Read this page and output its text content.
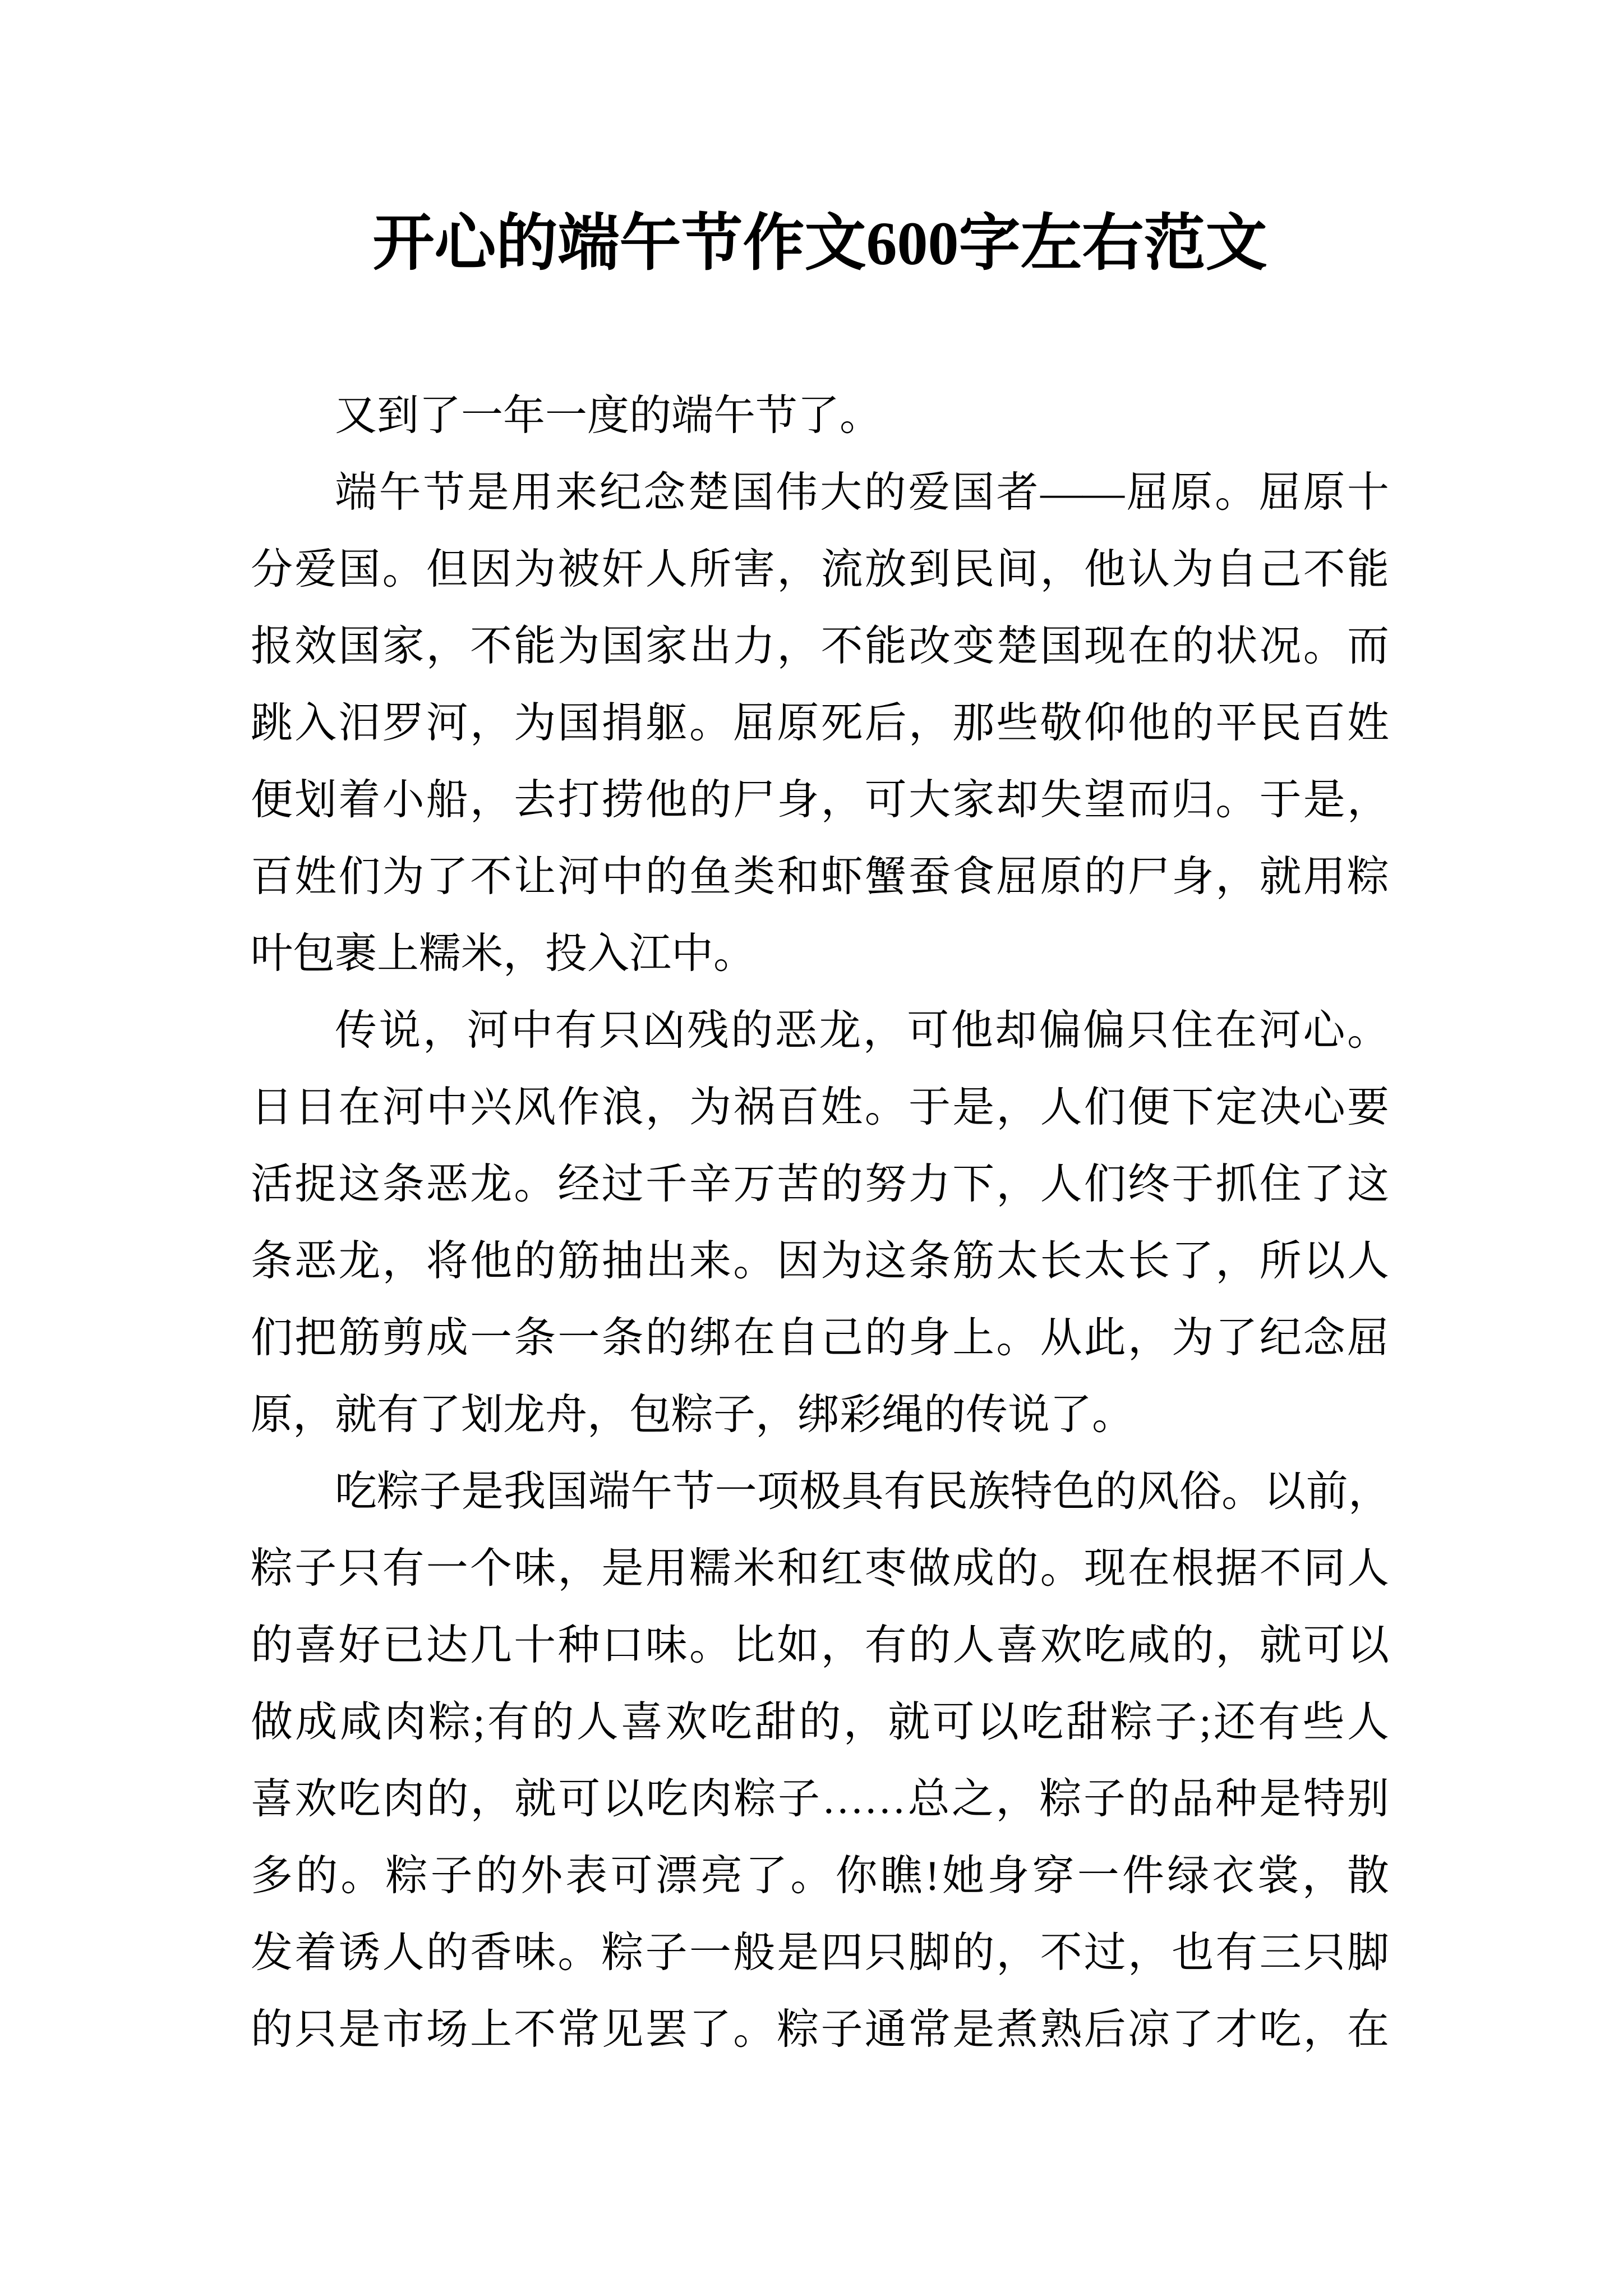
开心的端午节作文600字左右范文
又到了一年一度的端午节了。
端午节是用来纪念楚国伟大的爱国者——屈原。屈原十
分爱国。但因为被奸人所害，流放到民间，他认为自己不能
报效国家，不能为国家出力，不能改变楚国现在的状况。而
跳入汨罗河，为国捐躯。屈原死后，那些敬仰他的平民百姓
便划着小船，去打捞他的尸身，可大家却失望而归。于是，
百姓们为了不让河中的鱼类和虾蟹蚕食屈原的尸身，就用粽
叶包裹上糯米，投入江中。
传说，河中有只凶残的恶龙，可他却偏偏只住在河心。
日日在河中兴风作浪，为祸百姓。于是，人们便下定决心要
活捉这条恶龙。经过千辛万苦的努力下，人们终于抓住了这
条恶龙，将他的筋抽出来。因为这条筋太长太长了，所以人
们把筋剪成一条一条的绑在自己的身上。从此，为了纪念屈
原，就有了划龙舟，包粽子，绑彩绳的传说了。
吃粽子是我国端午节一项极具有民族特色的风俗。以前，
粽子只有一个味，是用糯米和红枣做成的。现在根据不同人
的喜好已达几十种口味。比如，有的人喜欢吃咸的，就可以
做成咸肉粽;有的人喜欢吃甜的，就可以吃甜粽子;还有些人
喜欢吃肉的，就可以吃肉粽子……总之，粽子的品种是特别
多的。粽子的外表可漂亮了。你瞧!她身穿一件绿衣裳，散
发着诱人的香味。粽子一般是四只脚的，不过，也有三只脚
的只是市场上不常见罢了。粽子通常是煮熟后凉了才吃，在
